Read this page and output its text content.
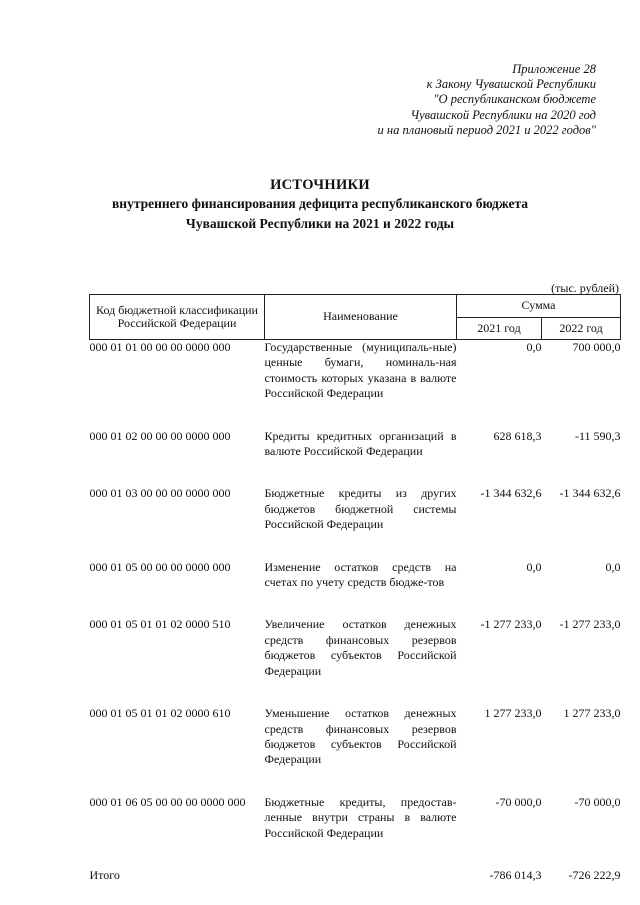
Приложение 28
к Закону Чувашской Республики
"О республиканском бюджете
Чувашской Республики на 2020 год
и на плановый период 2021 и 2022 годов"
ИСТОЧНИКИ
внутреннего финансирования дефицита республиканского бюджета
Чувашской Республики на 2021 и 2022 годы
(тыс. рублей)
Код бюджетной классификации Российской Федерации	Наименование	Сумма	
		2021 год	2022 год
000 01 01 00 00 00 0000 000	Государственные (муниципаль-ные) ценные бумаги, номиналь-ная стоимость которых указана в валюте Российской Федерации	0,0	700 000,0
000 01 02 00 00 00 0000 000	Кредиты кредитных организаций в валюте Российской Федерации	628 618,3	-11 590,3
000 01 03 00 00 00 0000 000	Бюджетные кредиты из других бюджетов бюджетной системы Российской Федерации	-1 344 632,6	-1 344 632,6
000 01 05 00 00 00 0000 000	Изменение остатков средств на счетах по учету средств бюдже-тов	0,0	0,0
000 01 05 01 01 02 0000 510	Увеличение остатков денежных средств финансовых резервов бюджетов субъектов Российской Федерации	-1 277 233,0	-1 277 233,0
000 01 05 01 01 02 0000 610	Уменьшение остатков денежных средств финансовых резервов бюджетов субъектов Российской Федерации	1 277 233,0	1 277 233,0
000 01 06 05 00 00 00 0000 000	Бюджетные кредиты, предостав-ленные внутри страны в валюте Российской Федерации	-70 000,0	-70 000,0
Итого		-786 014,3	-726 222,9
